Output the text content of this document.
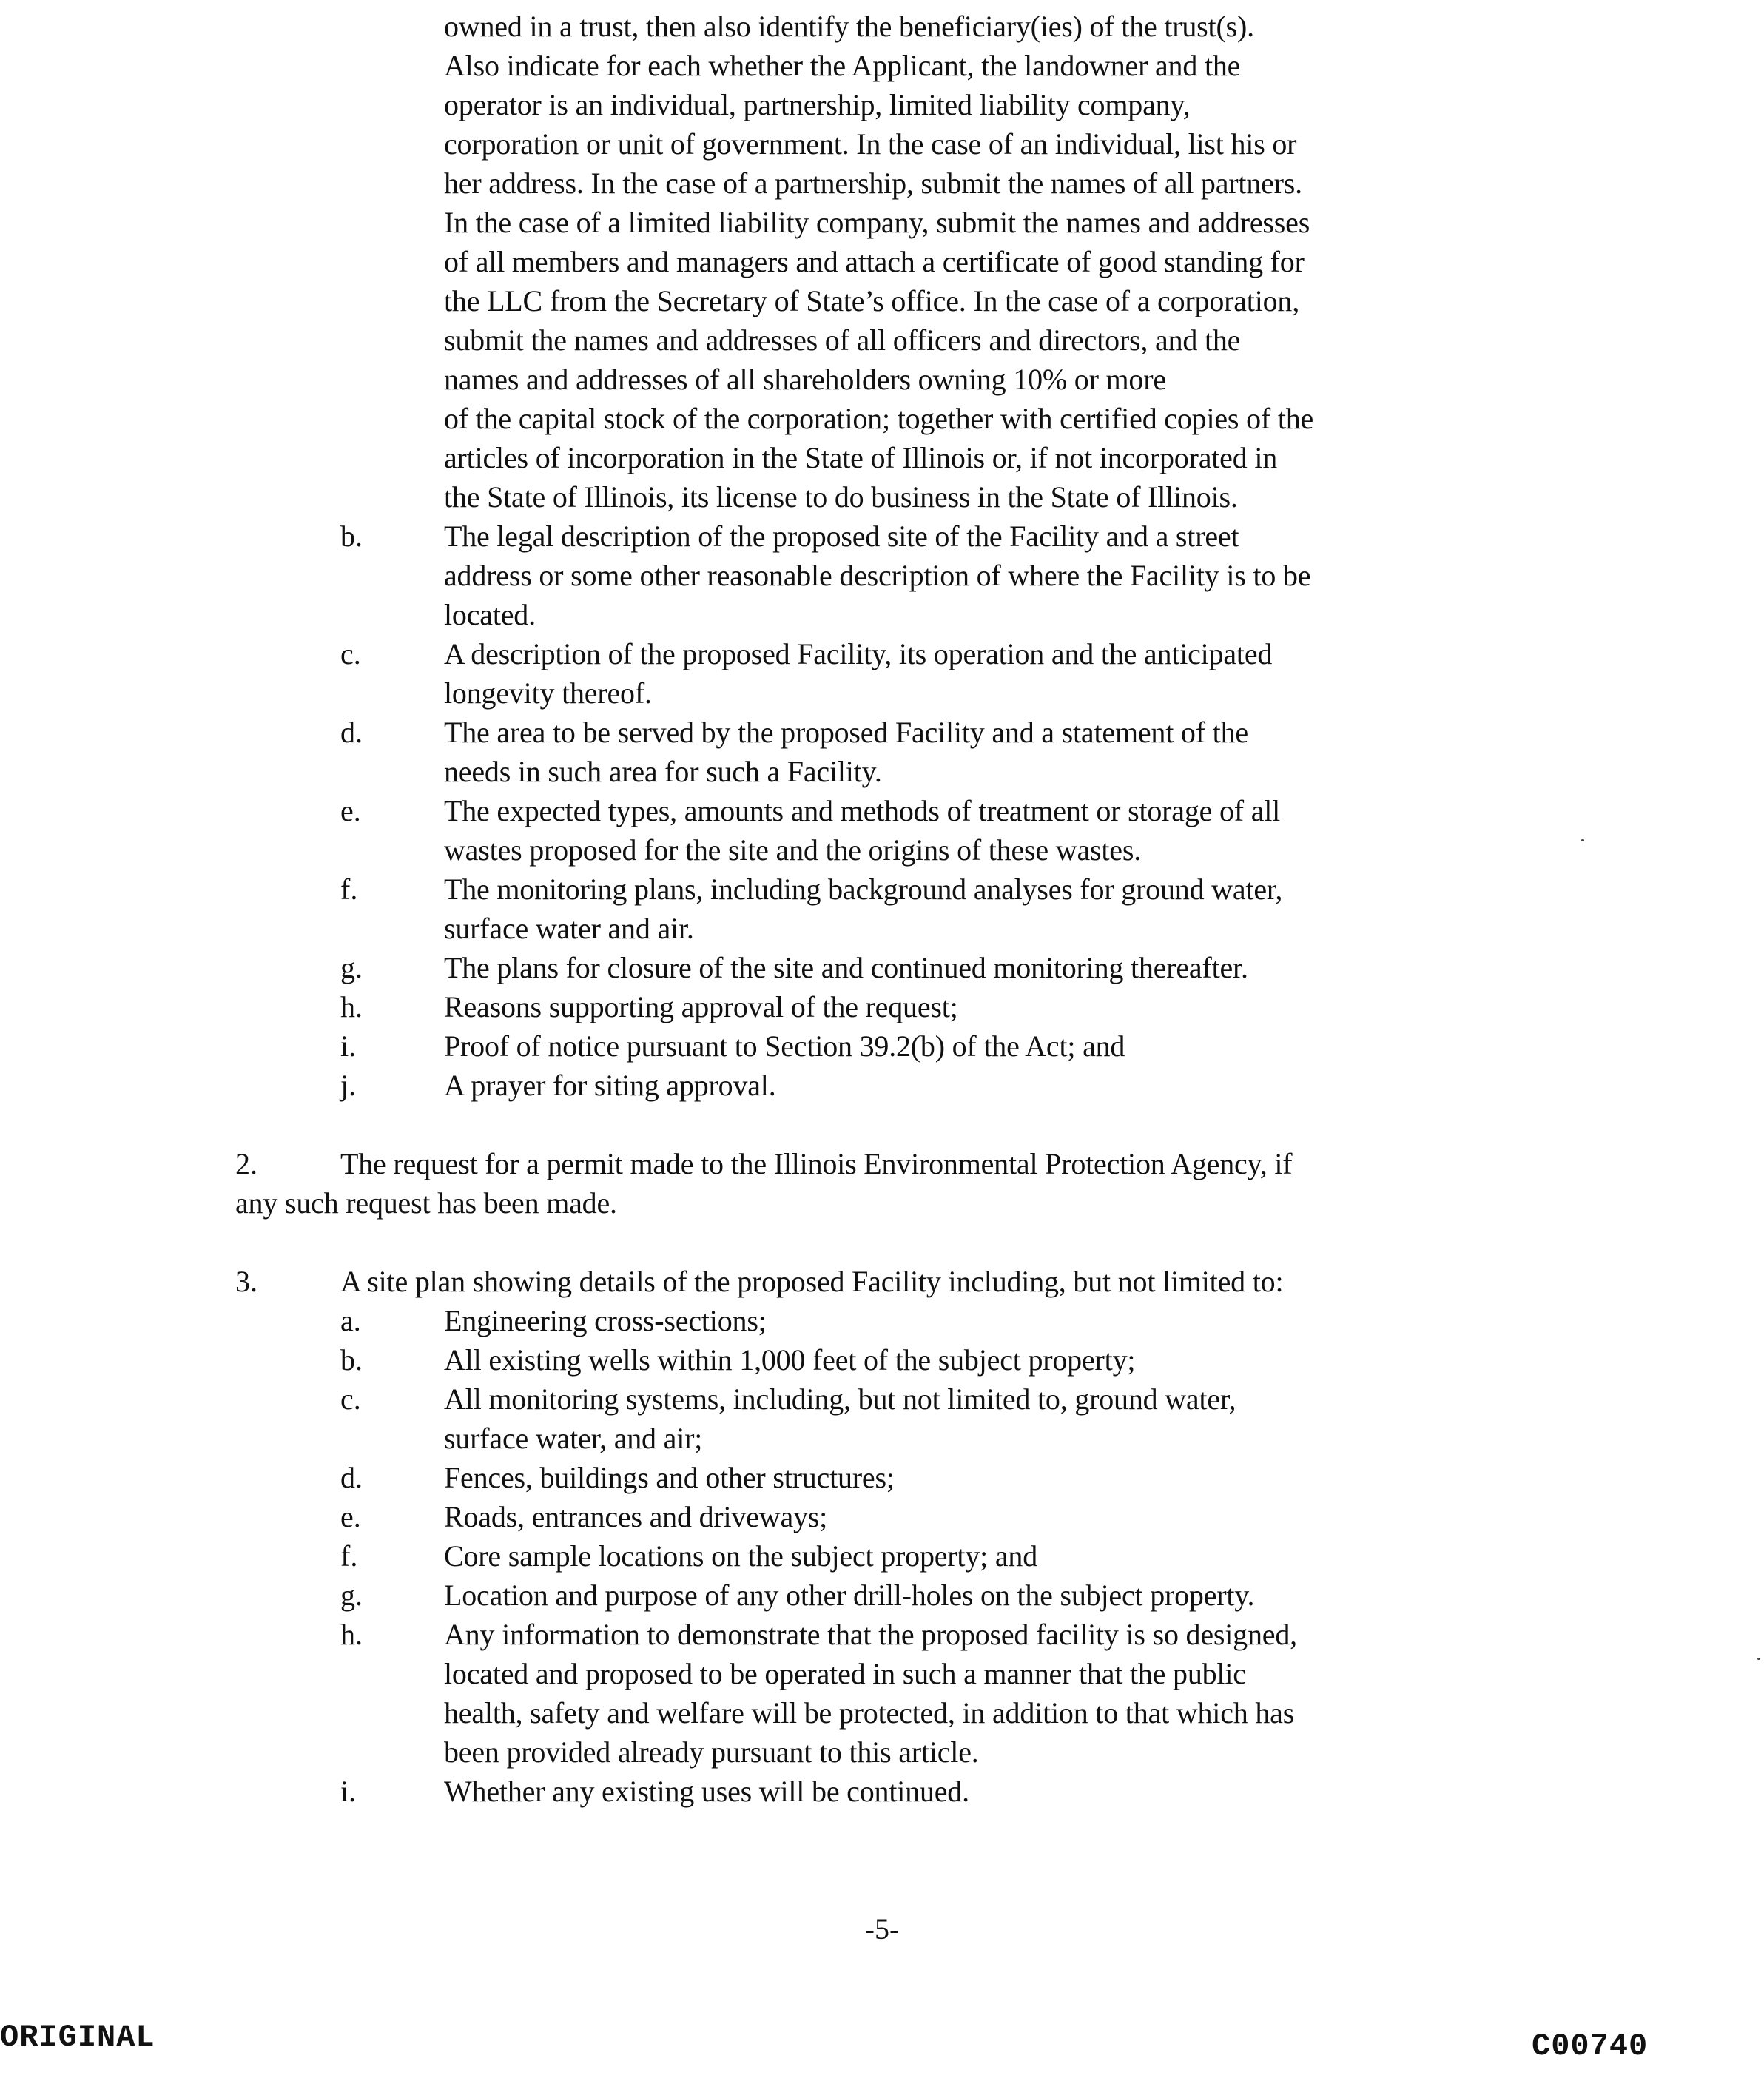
owned in a trust, then also identify the beneficiary(ies) of the trust(s).
Also indicate for each whether the Applicant, the landowner and the
operator is an individual, partnership, limited liability company,
corporation or unit of government. In the case of an individual, list his or
her address. In the case of a partnership, submit the names of all partners.
In the case of a limited liability company, submit the names and addresses
of all members and managers and attach a certificate of good standing for
the LLC from the Secretary of State’s office. In the case of a corporation,
submit the names and addresses of all officers and directors, and the
names and addresses of all shareholders owning 10% or more
of the capital stock of the corporation; together with certified copies of the
articles of incorporation in the State of Illinois or, if not incorporated in
the State of Illinois, its license to do business in the State of Illinois.
b.	The legal description of the proposed site of the Facility and a street
address or some other reasonable description of where the Facility is to be
located.
c.	A description of the proposed Facility, its operation and the anticipated
longevity thereof.
d.	The area to be served by the proposed Facility and a statement of the
needs in such area for such a Facility.
e.	The expected types, amounts and methods of treatment or storage of all
wastes proposed for the site and the origins of these wastes.
f.	The monitoring plans, including background analyses for ground water,
surface water and air.
g.	The plans for closure of the site and continued monitoring thereafter.
h.	Reasons supporting approval of the request;
i.	Proof of notice pursuant to Section 39.2(b) of the Act; and
j.	A prayer for siting approval.
2.	The request for a permit made to the Illinois Environmental Protection Agency, if
any such request has been made.
3.	A site plan showing details of the proposed Facility including, but not limited to:
a.	Engineering cross-sections;
b.	All existing wells within 1,000 feet of the subject property;
c.	All monitoring systems, including, but not limited to, ground water,
surface water, and air;
d.	Fences, buildings and other structures;
e.	Roads, entrances and driveways;
f.	Core sample locations on the subject property; and
g.	Location and purpose of any other drill-holes on the subject property.
h.	Any information to demonstrate that the proposed facility is so designed,
located and proposed to be operated in such a manner that the public
health, safety and welfare will be protected, in addition to that which has
been provided already pursuant to this article.
i.	Whether any existing uses will be continued.
-5-
ORIGINAL	C00740
